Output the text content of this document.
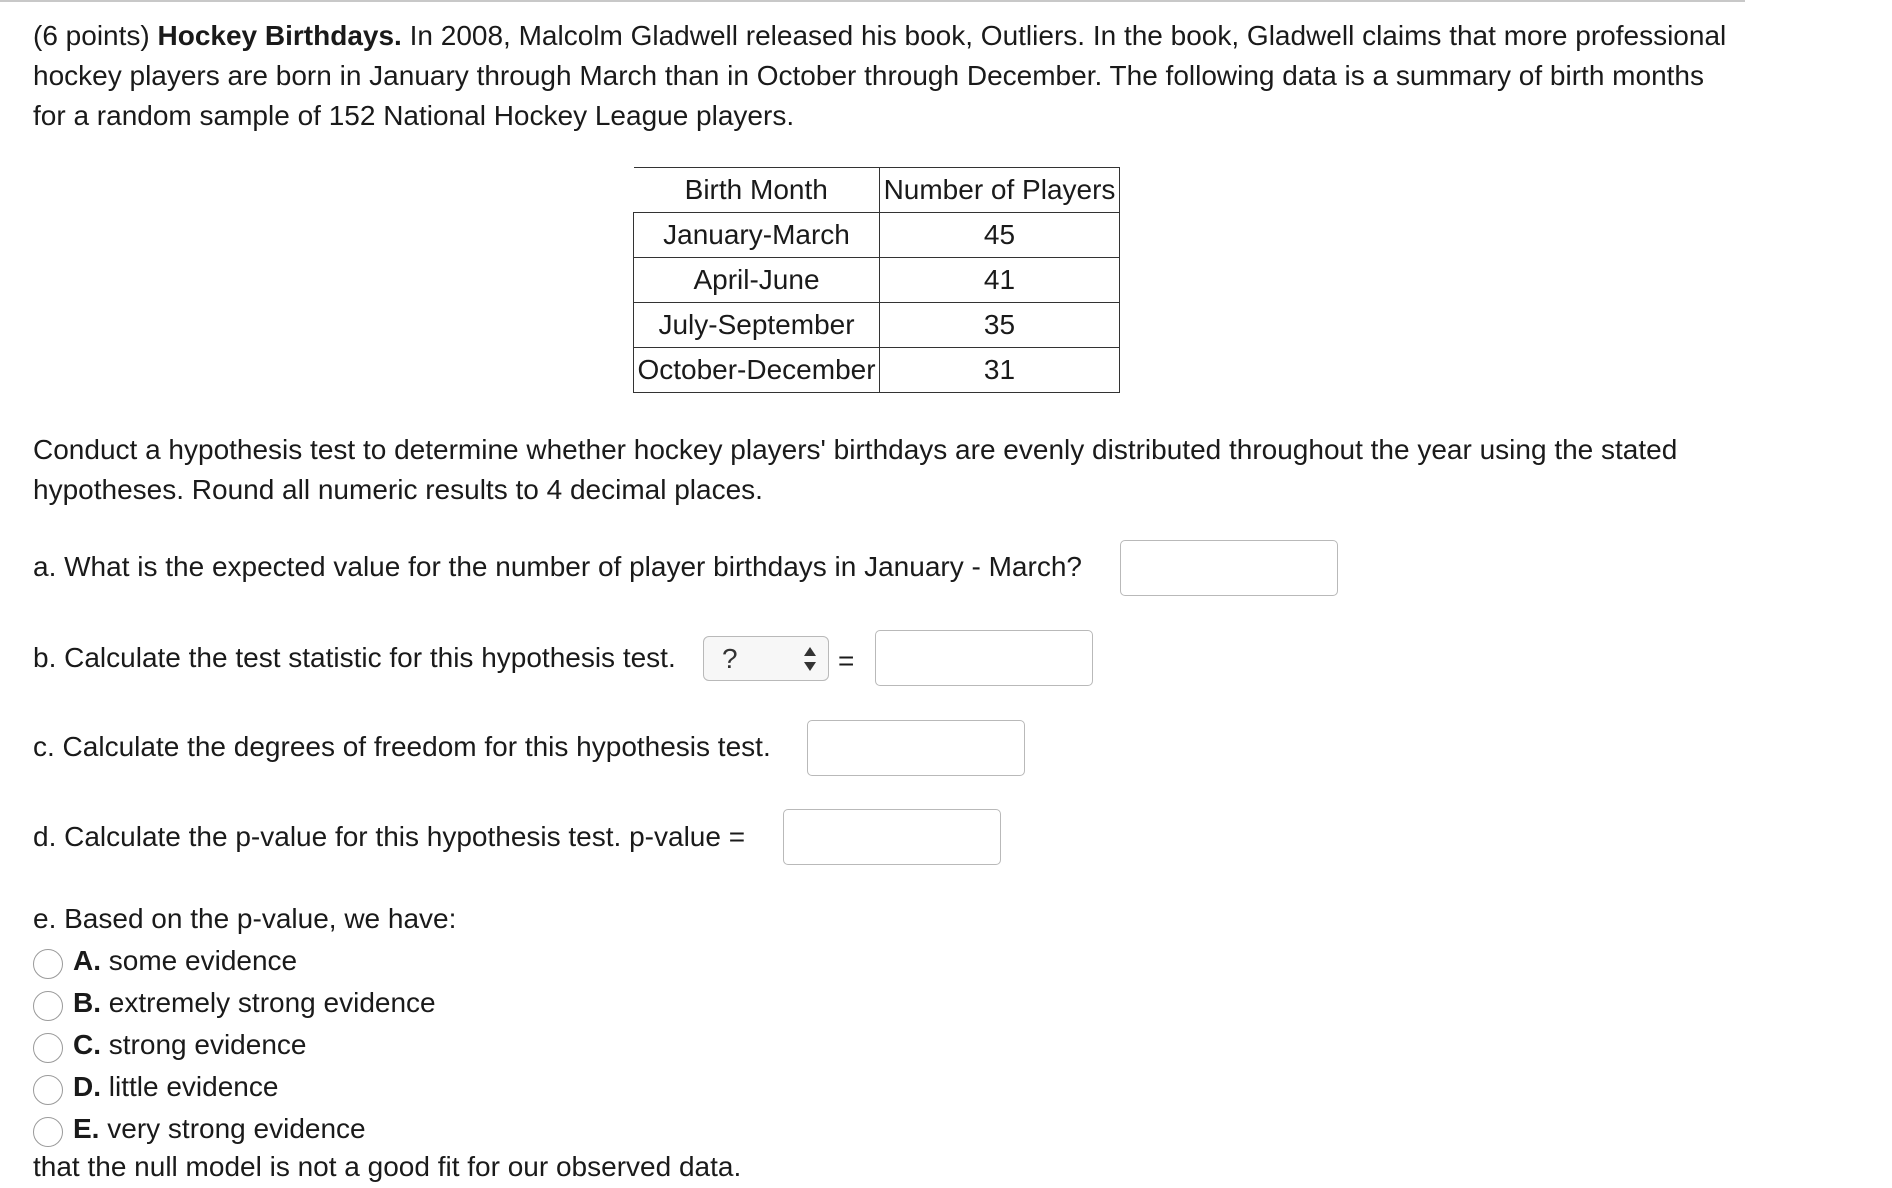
(6 points) Hockey Birthdays. In 2008, Malcolm Gladwell released his book, Outliers. In the book, Gladwell claims that more professional hockey players are born in January through March than in October through December. The following data is a summary of birth months for a random sample of 152 National Hockey League players.
Birth Month	Number of Players
January-March	45
April-June	41
July-September	35
October-December	31
Conduct a hypothesis test to determine whether hockey players' birthdays are evenly distributed throughout the year using the stated hypotheses. Round all numeric results to 4 decimal places.
a. What is the expected value for the number of player birthdays in January - March?
b. Calculate the test statistic for this hypothesis test.	?	=
c. Calculate the degrees of freedom for this hypothesis test.
d. Calculate the p-value for this hypothesis test. p-value =
e. Based on the p-value, we have:
A. some evidence
B. extremely strong evidence
C. strong evidence
D. little evidence
E. very strong evidence
that the null model is not a good fit for our observed data.
